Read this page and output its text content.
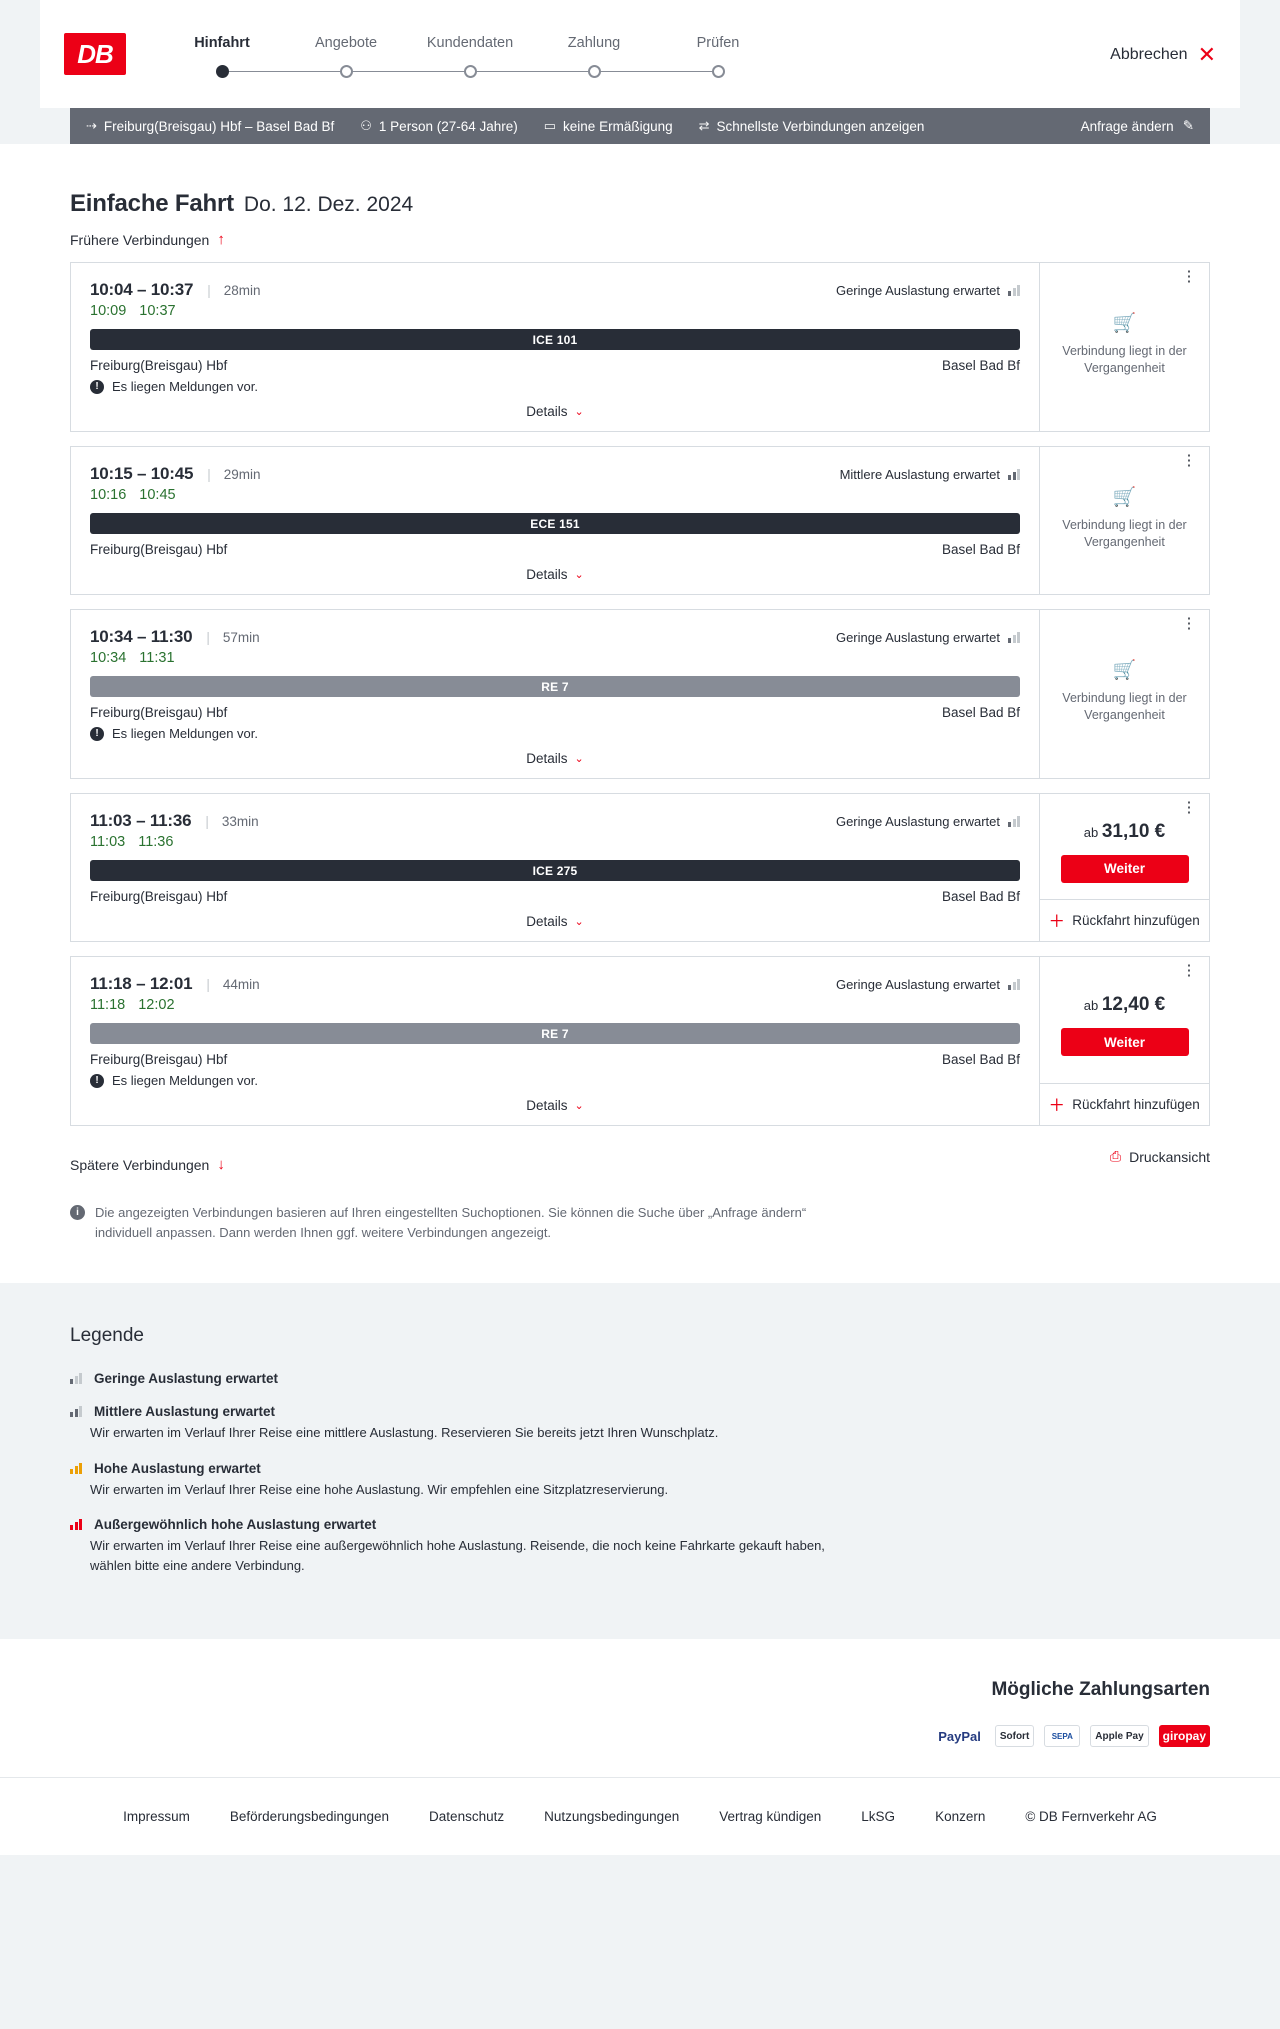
DB	Hinfahrt	Angebote	Kundendaten	Zahlung	Prüfen
Abbrechen ✕
⇢ Freiburg(Breisgau) Hbf – Basel Bad Bf ⚇ 1 Person (27-64 Jahre) ▭ keine Ermäßigung ⇄ Schnellste Verbindungen anzeigen	Anfrage ändern ✎
Einfache Fahrt Do. 12. Dez. 2024
Frühere Verbindungen ↑
10:04 – 10:37 | 28min	Geringe Auslastung erwartet
10:09 10:37
ICE 101
Freiburg(Breisgau) Hbf	Basel Bad Bf
!	Es liegen Meldungen vor.
Details ⌄
⋮
🛒
Verbindung liegt in der Vergangenheit
10:15 – 10:45 | 29min	Mittlere Auslastung erwartet
10:16 10:45
ECE 151
Freiburg(Breisgau) Hbf	Basel Bad Bf
Details ⌄
⋮
🛒
Verbindung liegt in der Vergangenheit
10:34 – 11:30 | 57min	Geringe Auslastung erwartet
10:34 11:31
RE 7
Freiburg(Breisgau) Hbf	Basel Bad Bf
!	Es liegen Meldungen vor.
Details ⌄
⋮
🛒
Verbindung liegt in der Vergangenheit
11:03 – 11:36 | 33min	Geringe Auslastung erwartet
11:03 11:36
ICE 275
Freiburg(Breisgau) Hbf	Basel Bad Bf
Details ⌄
⋮
ab 31,10 €
Weiter
＋ Rückfahrt hinzufügen
11:18 – 12:01 | 44min	Geringe Auslastung erwartet
11:18 12:02
RE 7
Freiburg(Breisgau) Hbf	Basel Bad Bf
!	Es liegen Meldungen vor.
Details ⌄
⋮
ab 12,40 €
Weiter
＋ Rückfahrt hinzufügen
Spätere Verbindungen ↓	⎙ Druckansicht
i	Die angezeigten Verbindungen basieren auf Ihren eingestellten Suchoptionen. Sie können die Suche über „Anfrage ändern“ individuell anpassen. Dann werden Ihnen ggf. weitere Verbindungen angezeigt.
Legende
Geringe Auslastung erwartet
Mittlere Auslastung erwartet
Wir erwarten im Verlauf Ihrer Reise eine mittlere Auslastung. Reservieren Sie bereits jetzt Ihren Wunschplatz.
Hohe Auslastung erwartet
Wir erwarten im Verlauf Ihrer Reise eine hohe Auslastung. Wir empfehlen eine Sitzplatzreservierung.
Außergewöhnlich hohe Auslastung erwartet
Wir erwarten im Verlauf Ihrer Reise eine außergewöhnlich hohe Auslastung. Reisende, die noch keine Fahrkarte gekauft haben, wählen bitte eine andere Verbindung.
Mögliche Zahlungsarten
PayPal Sofort	SEPA Apple Pay giropay
Impressum	Beförderungsbedingungen	Datenschutz	Nutzungsbedingungen	Vertrag kündigen	LkSG	Konzern	© DB Fernverkehr AG
